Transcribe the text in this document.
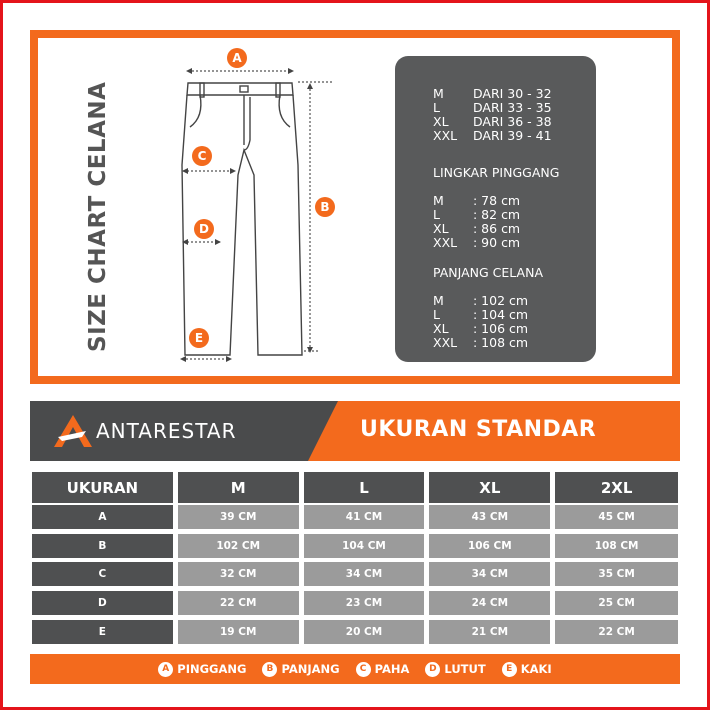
SIZE CHART CELANA
A
B
C
D
E
M	DARI 30 - 32
L	DARI 33 - 35
XL	DARI 36 - 38
XXL	DARI 39 - 41
LINGKAR PINGGANG
M	: 78 cm
L	: 82 cm
XL	: 86 cm
XXL	: 90 cm
PANJANG CELANA
M	: 102 cm
L	: 104 cm
XL	: 106 cm
XXL	: 108 cm
ANTARESTAR	UKURAN STANDAR
UKURAN	M	L	XL	2XL
A	39 CM	41 CM	43 CM	45 CM
B	102 CM	104 CM	106 CM	108 CM
C	32 CM	34 CM	34 CM	35 CM
D	22 CM	23 CM	24 CM	25 CM
E	19 CM	20 CM	21 CM	22 CM
A PINGGANG	B PANJANG	C PAHA	D LUTUT	E KAKI
